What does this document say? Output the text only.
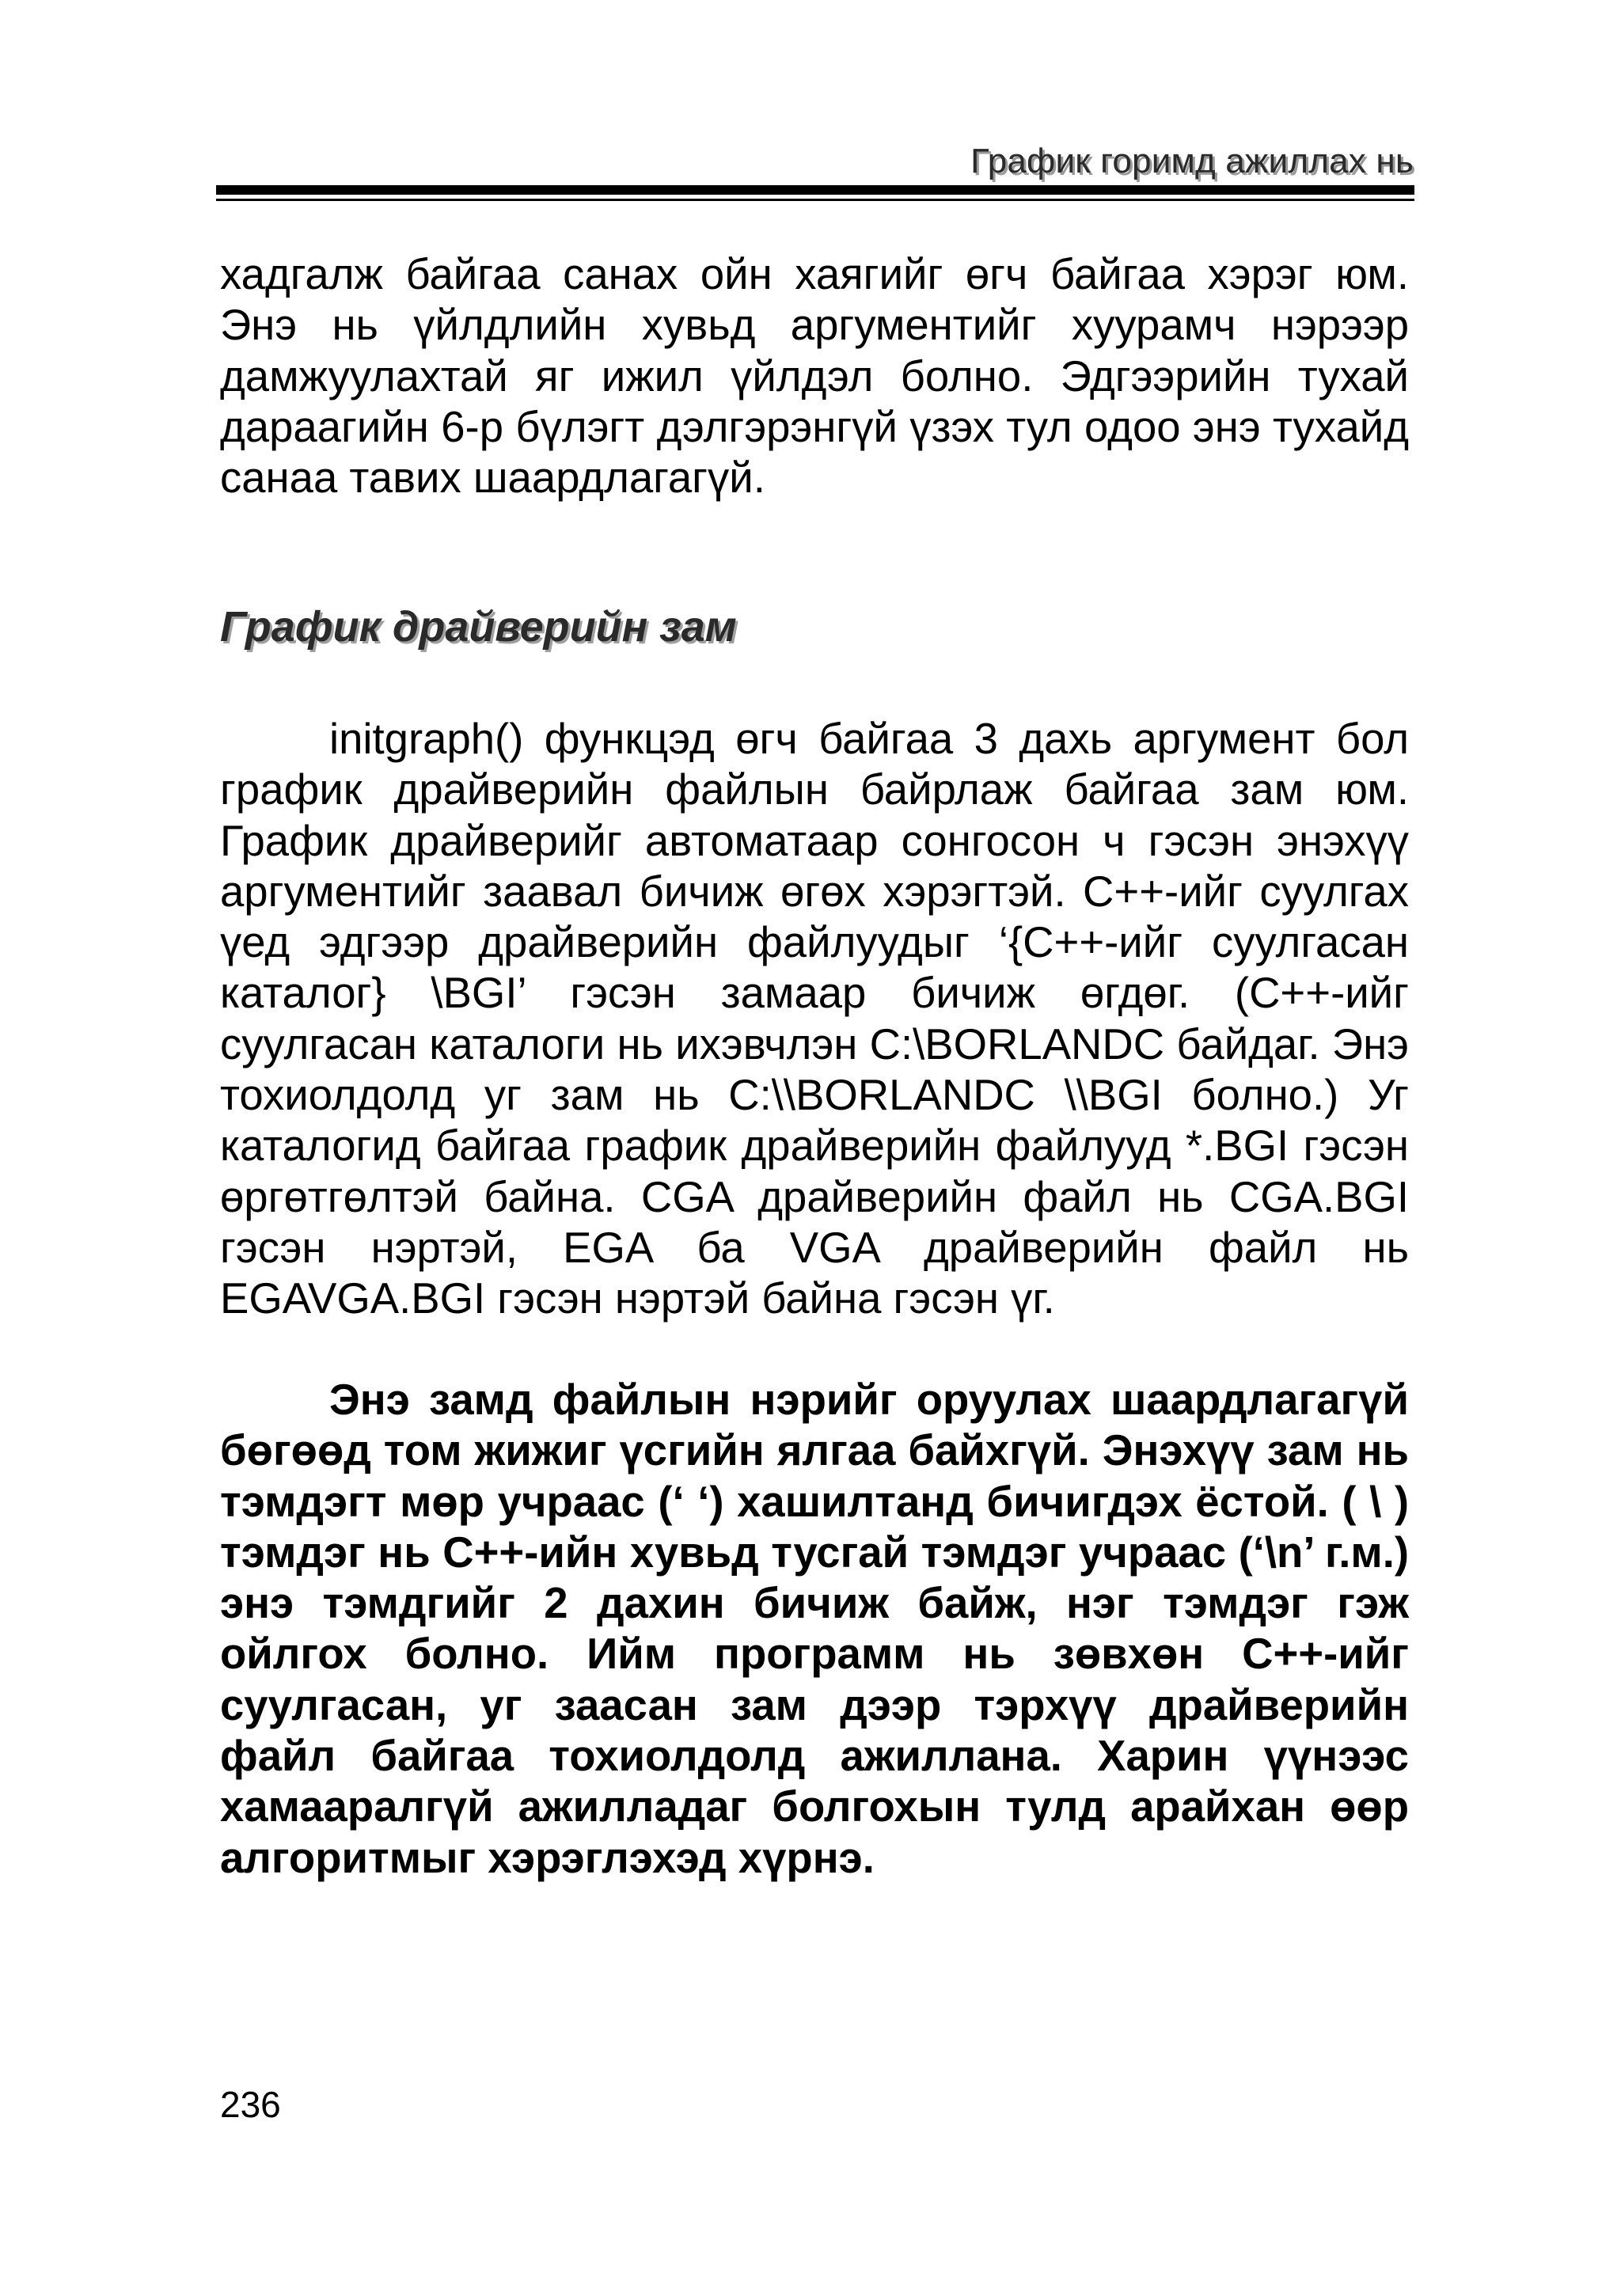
График горимд ажиллах нь

хадгалж байгаа санах ойн хаягийг өгч байгаа хэрэг юм. Энэ нь үйлдлийн хувьд аргументийг хуурамч нэрээр дамжуулахтай яг ижил үйлдэл болно. Эдгээрийн тухай дараагийн 6-р бүлэгт дэлгэрэнгүй үзэх тул одоо энэ тухайд санаа тавих шаардлагагүй.

График драйверийн зам

initgraph() функцэд өгч байгаа 3 дахь аргумент бол график драйверийн файлын байрлаж байгаа зам юм. График драйверийг автоматаар сонгосон ч гэсэн энэхүү аргументийг заавал бичиж өгөх хэрэгтэй. C++-ийг суулгах үед эдгээр драйверийн файлуудыг ‘{C++-ийг суулгасан каталог} \BGI’ гэсэн замаар бичиж өгдөг. (C++-ийг суулгасан каталоги нь ихэвчлэн C:\BORLANDC байдаг. Энэ тохиолдолд уг зам нь C:\\BORLANDC \\BGI болно.) Уг каталогид байгаа график драйверийн файлууд *.BGI гэсэн өргөтгөлтэй байна. CGA драйверийн файл нь CGA.BGI гэсэн нэртэй, EGA ба VGA драйверийн файл нь EGAVGA.BGI гэсэн нэртэй байна гэсэн үг.

Энэ замд файлын нэрийг оруулах шаардлагагүй бөгөөд том жижиг үсгийн ялгаа байхгүй. Энэхүү зам нь тэмдэгт мөр учраас (‘ ‘) хашилтанд бичигдэх ёстой. ( \ ) тэмдэг нь C++-ийн хувьд тусгай тэмдэг учраас (‘\n’ г.м.) энэ тэмдгийг 2 дахин бичиж байж, нэг тэмдэг гэж ойлгох болно. Ийм программ нь зөвхөн C++-ийг суулгасан, уг заасан зам дээр тэрхүү драйверийн файл байгаа тохиолдолд ажиллана. Харин үүнээс хамааралгүй ажилладаг болгохын тулд арайхан өөр алгоритмыг хэрэглэхэд хүрнэ.

236
